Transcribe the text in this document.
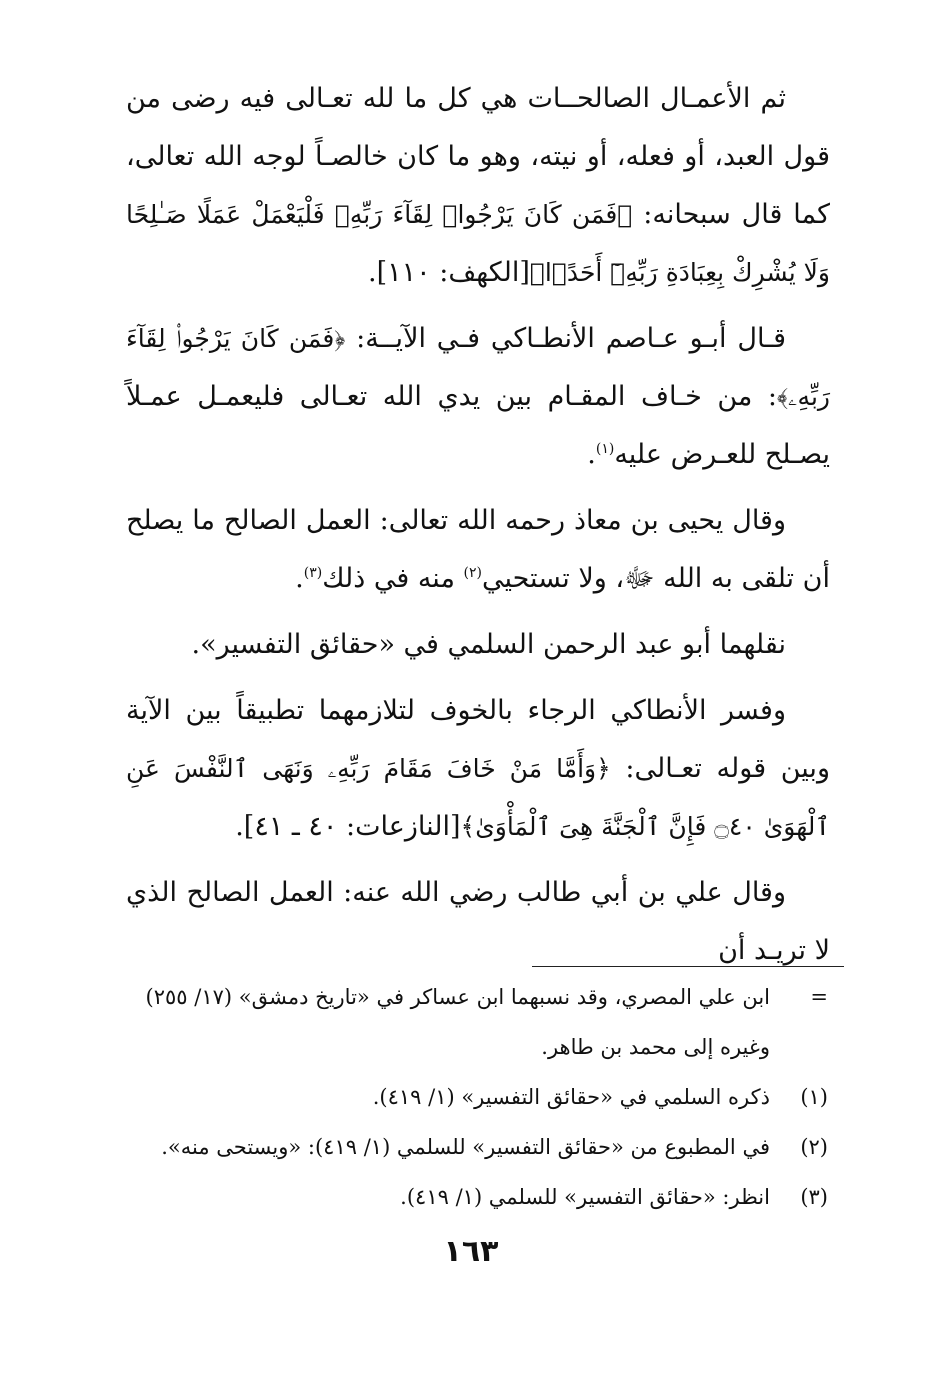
ثم الأعمـال الصالحــات هي كل ما لله تعـالى فيه رضى من قول العبد، أو فعله، أو نيته، وهو ما كان خالصـاً لوجه الله تعالى، كما قال سبحانه: ﴿فَمَن كَانَ يَرْجُوا۟ لِقَآءَ رَبِّهِۦ فَلْيَعْمَلْ عَمَلًا صَـٰلِحًا وَلَا يُشْرِكْ بِعِبَادَةِ رَبِّهِۦٓ أَحَدًۢا﴾[الكهف: ١١٠].

قـال أبـو عـاصم الأنطـاكي فـي الآيــة: ﴿فَمَن كَانَ يَرْجُوا۟ لِقَآءَ رَبِّهِۦ﴾: من خـاف المقـام بين يدي الله تعـالى فليعمـل عمـلاً يصـلح للعـرض عليه$^{(١)}$.

وقال يحيى بن معاذ رحمه الله تعالى: العمل الصالح ما يصلح أن تلقى به الله ﷻ، ولا تستحيي$^{(٢)}$ منه في ذلك$^{(٣)}$.

نقلهما أبو عبد الرحمن السلمي في «حقائق التفسير».

وفسر الأنطاكي الرجاء بالخوف لتلازمهما تطبيقاً بين الآية وبين قوله تعـالى: ﴿وَأَمَّا مَنْ خَافَ مَقَامَ رَبِّهِۦ وَنَهَى ٱلنَّفْسَ عَنِ ٱلْهَوَىٰ ۝٤٠ فَإِنَّ ٱلْجَنَّةَ هِىَ ٱلْمَأْوَىٰ﴾[النازعات: ٤٠ ـ ٤١].

وقال علي بن أبي طالب رضي الله عنه: العمل الصالح الذي لا تريـد أن

=
ابن علي المصري، وقد نسبهما ابن عساكر في «تاريخ دمشق» (١٧/ ٢٥٥) وغيره إلى محمد بن طاهر.
(١)
ذكره السلمي في «حقائق التفسير» (١/ ٤١٩).
(٢)
في المطبوع من «حقائق التفسير» للسلمي (١/ ٤١٩): «ويستحى منه».
(٣)
انظر: «حقائق التفسير» للسلمي (١/ ٤١٩).
١٦٣
